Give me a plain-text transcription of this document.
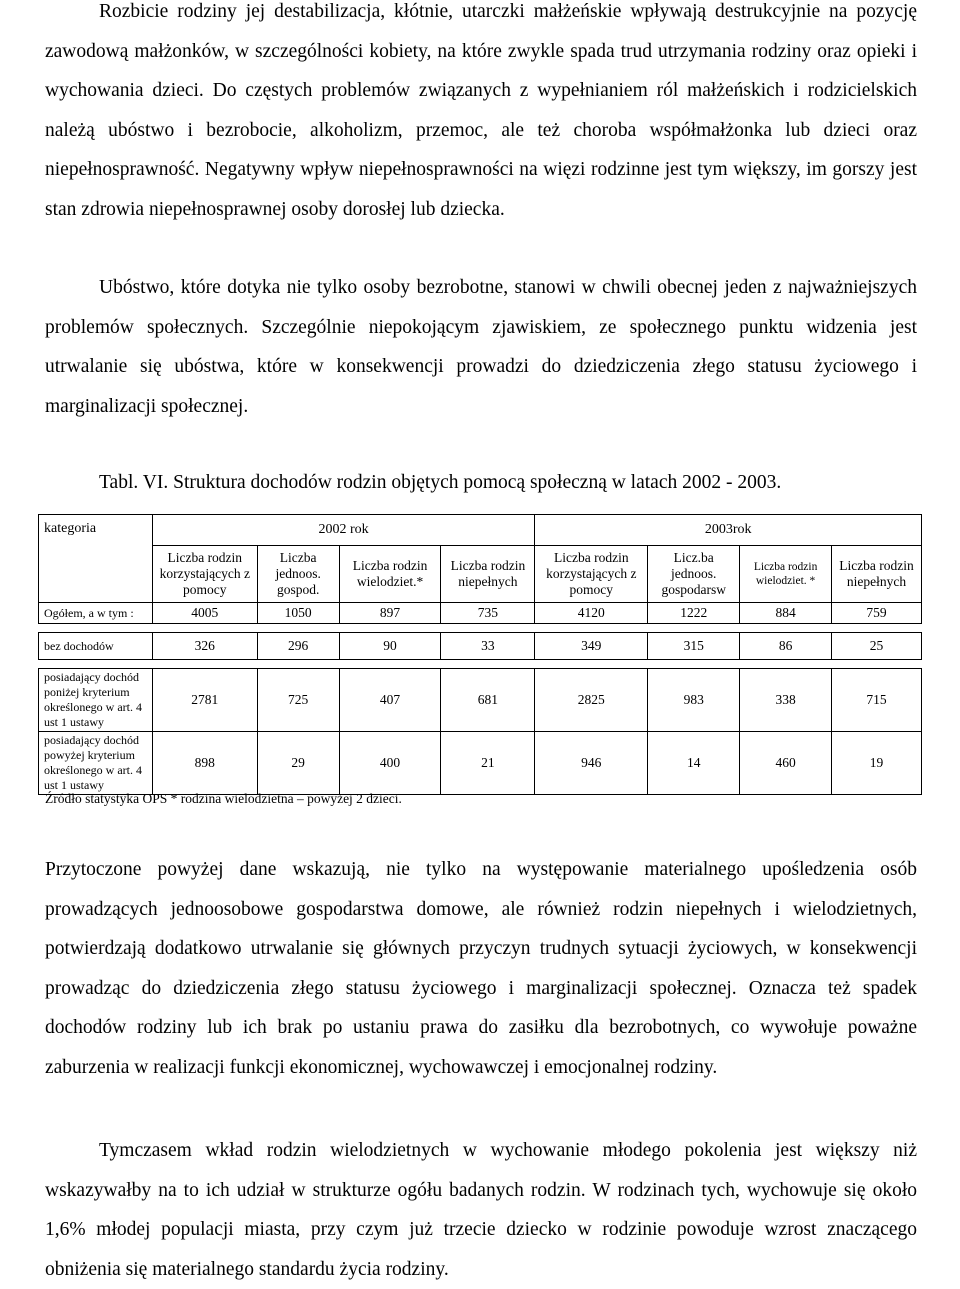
Rozbicie rodziny jej destabilizacja, kłótnie, utarczki małżeńskie wpływają destrukcyjnie na pozycję zawodową małżonków, w szczególności kobiety, na które zwykle spada trud utrzymania rodziny oraz opieki i wychowania dzieci. Do częstych problemów związanych z wypełnianiem ról małżeńskich i rodzicielskich należą ubóstwo i bezrobocie, alkoholizm, przemoc, ale też choroba współmałżonka lub dzieci oraz niepełnosprawność. Negatywny wpływ niepełnosprawności na więzi rodzinne jest tym większy, im gorszy jest stan zdrowia niepełnosprawnej osoby dorosłej lub dziecka.

Ubóstwo, które dotyka nie tylko osoby bezrobotne, stanowi w chwili obecnej jeden z najważniejszych problemów społecznych. Szczególnie niepokojącym zjawiskiem, ze społecznego punktu widzenia jest utrwalanie się ubóstwa, które w konsekwencji prowadzi do dziedziczenia złego statusu życiowego i marginalizacji społecznej.

Tabl. VI. Struktura dochodów rodzin objętych pomocą społeczną w latach 2002 - 2003.
kategoria	2002 rok				2003rok			
	Liczba rodzin korzystających z pomocy	Liczba jednoos. gospod.	Liczba rodzin wielodziet.*	Liczba rodzin niepełnych	Liczba rodzin korzystających z pomocy	Licz.ba jednoos. gospodarsw	Liczba rodzin wielodziet. *	Liczba rodzin niepełnych
Ogółem, a w tym :	4005	1050	897	735	4120	1222	884	759

bez dochodów	326	296	90	33	349	315	86	25

posiadający dochód poniżej kryterium określonego w art. 4 ust 1 ustawy	2781	725	407	681	2825	983	338	715
posiadający dochód powyżej kryterium określonego w art. 4 ust 1 ustawy	898	29	400	21	946	14	460	19
Źródło statystyka OPS * rodzina wielodzietna – powyżej 2 dzieci.

Przytoczone powyżej dane wskazują, nie tylko na występowanie materialnego upośledzenia osób prowadzących jednoosobowe gospodarstwa domowe, ale również rodzin niepełnych i wielodzietnych, potwierdzają dodatkowo utrwalanie się głównych przyczyn trudnych sytuacji życiowych, w konsekwencji prowadząc do dziedziczenia złego statusu życiowego i marginalizacji społecznej. Oznacza też spadek dochodów rodziny lub ich brak po ustaniu prawa do zasiłku dla bezrobotnych, co wywołuje poważne zaburzenia w realizacji funkcji ekonomicznej, wychowawczej i emocjonalnej rodziny.

Tymczasem wkład rodzin wielodzietnych w wychowanie młodego pokolenia jest większy niż wskazywałby na to ich udział w strukturze ogółu badanych rodzin. W rodzinach tych, wychowuje się około 1,6% młodej populacji miasta, przy czym już trzecie dziecko w rodzinie powoduje wzrost znaczącego obniżenia się materialnego standardu życia rodziny.
